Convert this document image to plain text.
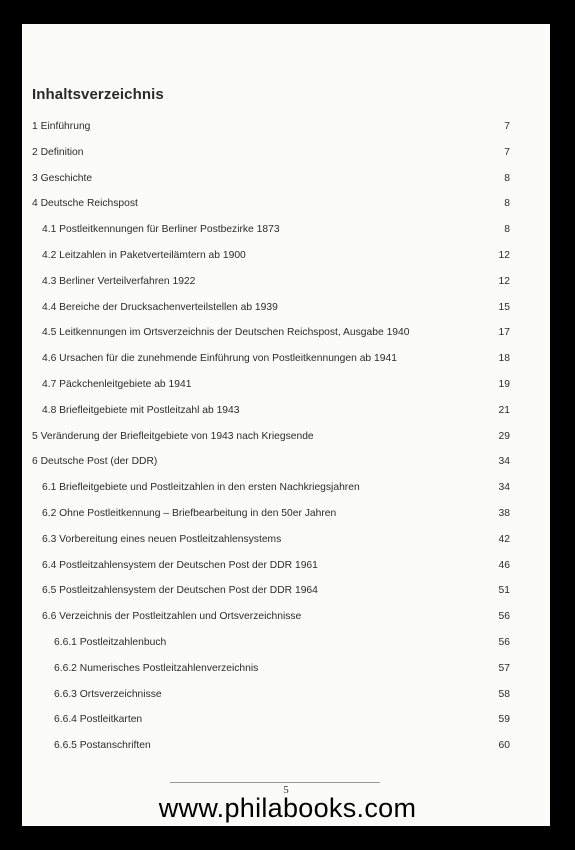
Inhaltsverzeichnis
1 Einführung	7
2 Definition	7
3 Geschichte	8
4 Deutsche Reichspost	8
4.1 Postleitkennungen für Berliner Postbezirke 1873	8
4.2 Leitzahlen in Paketverteilämtern ab 1900	12
4.3 Berliner Verteilverfahren 1922	12
4.4 Bereiche der Drucksachenverteilstellen ab 1939	15
4.5 Leitkennungen im Ortsverzeichnis der Deutschen Reichspost, Ausgabe 1940	17
4.6 Ursachen für die zunehmende Einführung von Postleitkennungen ab 1941	18
4.7 Päckchenleitgebiete ab 1941	19
4.8 Briefleitgebiete mit Postleitzahl ab 1943	21
5 Veränderung der Briefleitgebiete von 1943 nach Kriegsende	29
6 Deutsche Post (der DDR)	34
6.1 Briefleitgebiete und Postleitzahlen in den ersten Nachkriegsjahren	34
6.2 Ohne Postleitkennung – Briefbearbeitung in den 50er Jahren	38
6.3 Vorbereitung eines neuen Postleitzahlensystems	42
6.4 Postleitzahlensystem der Deutschen Post der DDR 1961	46
6.5 Postleitzahlensystem der Deutschen Post der DDR 1964	51
6.6 Verzeichnis der Postleitzahlen und Ortsverzeichnisse	56
6.6.1 Postleitzahlenbuch	56
6.6.2 Numerisches Postleitzahlenverzeichnis	57
6.6.3 Ortsverzeichnisse	58
6.6.4 Postleitkarten	59
6.6.5 Postanschriften	60
5
www.philabooks.com
